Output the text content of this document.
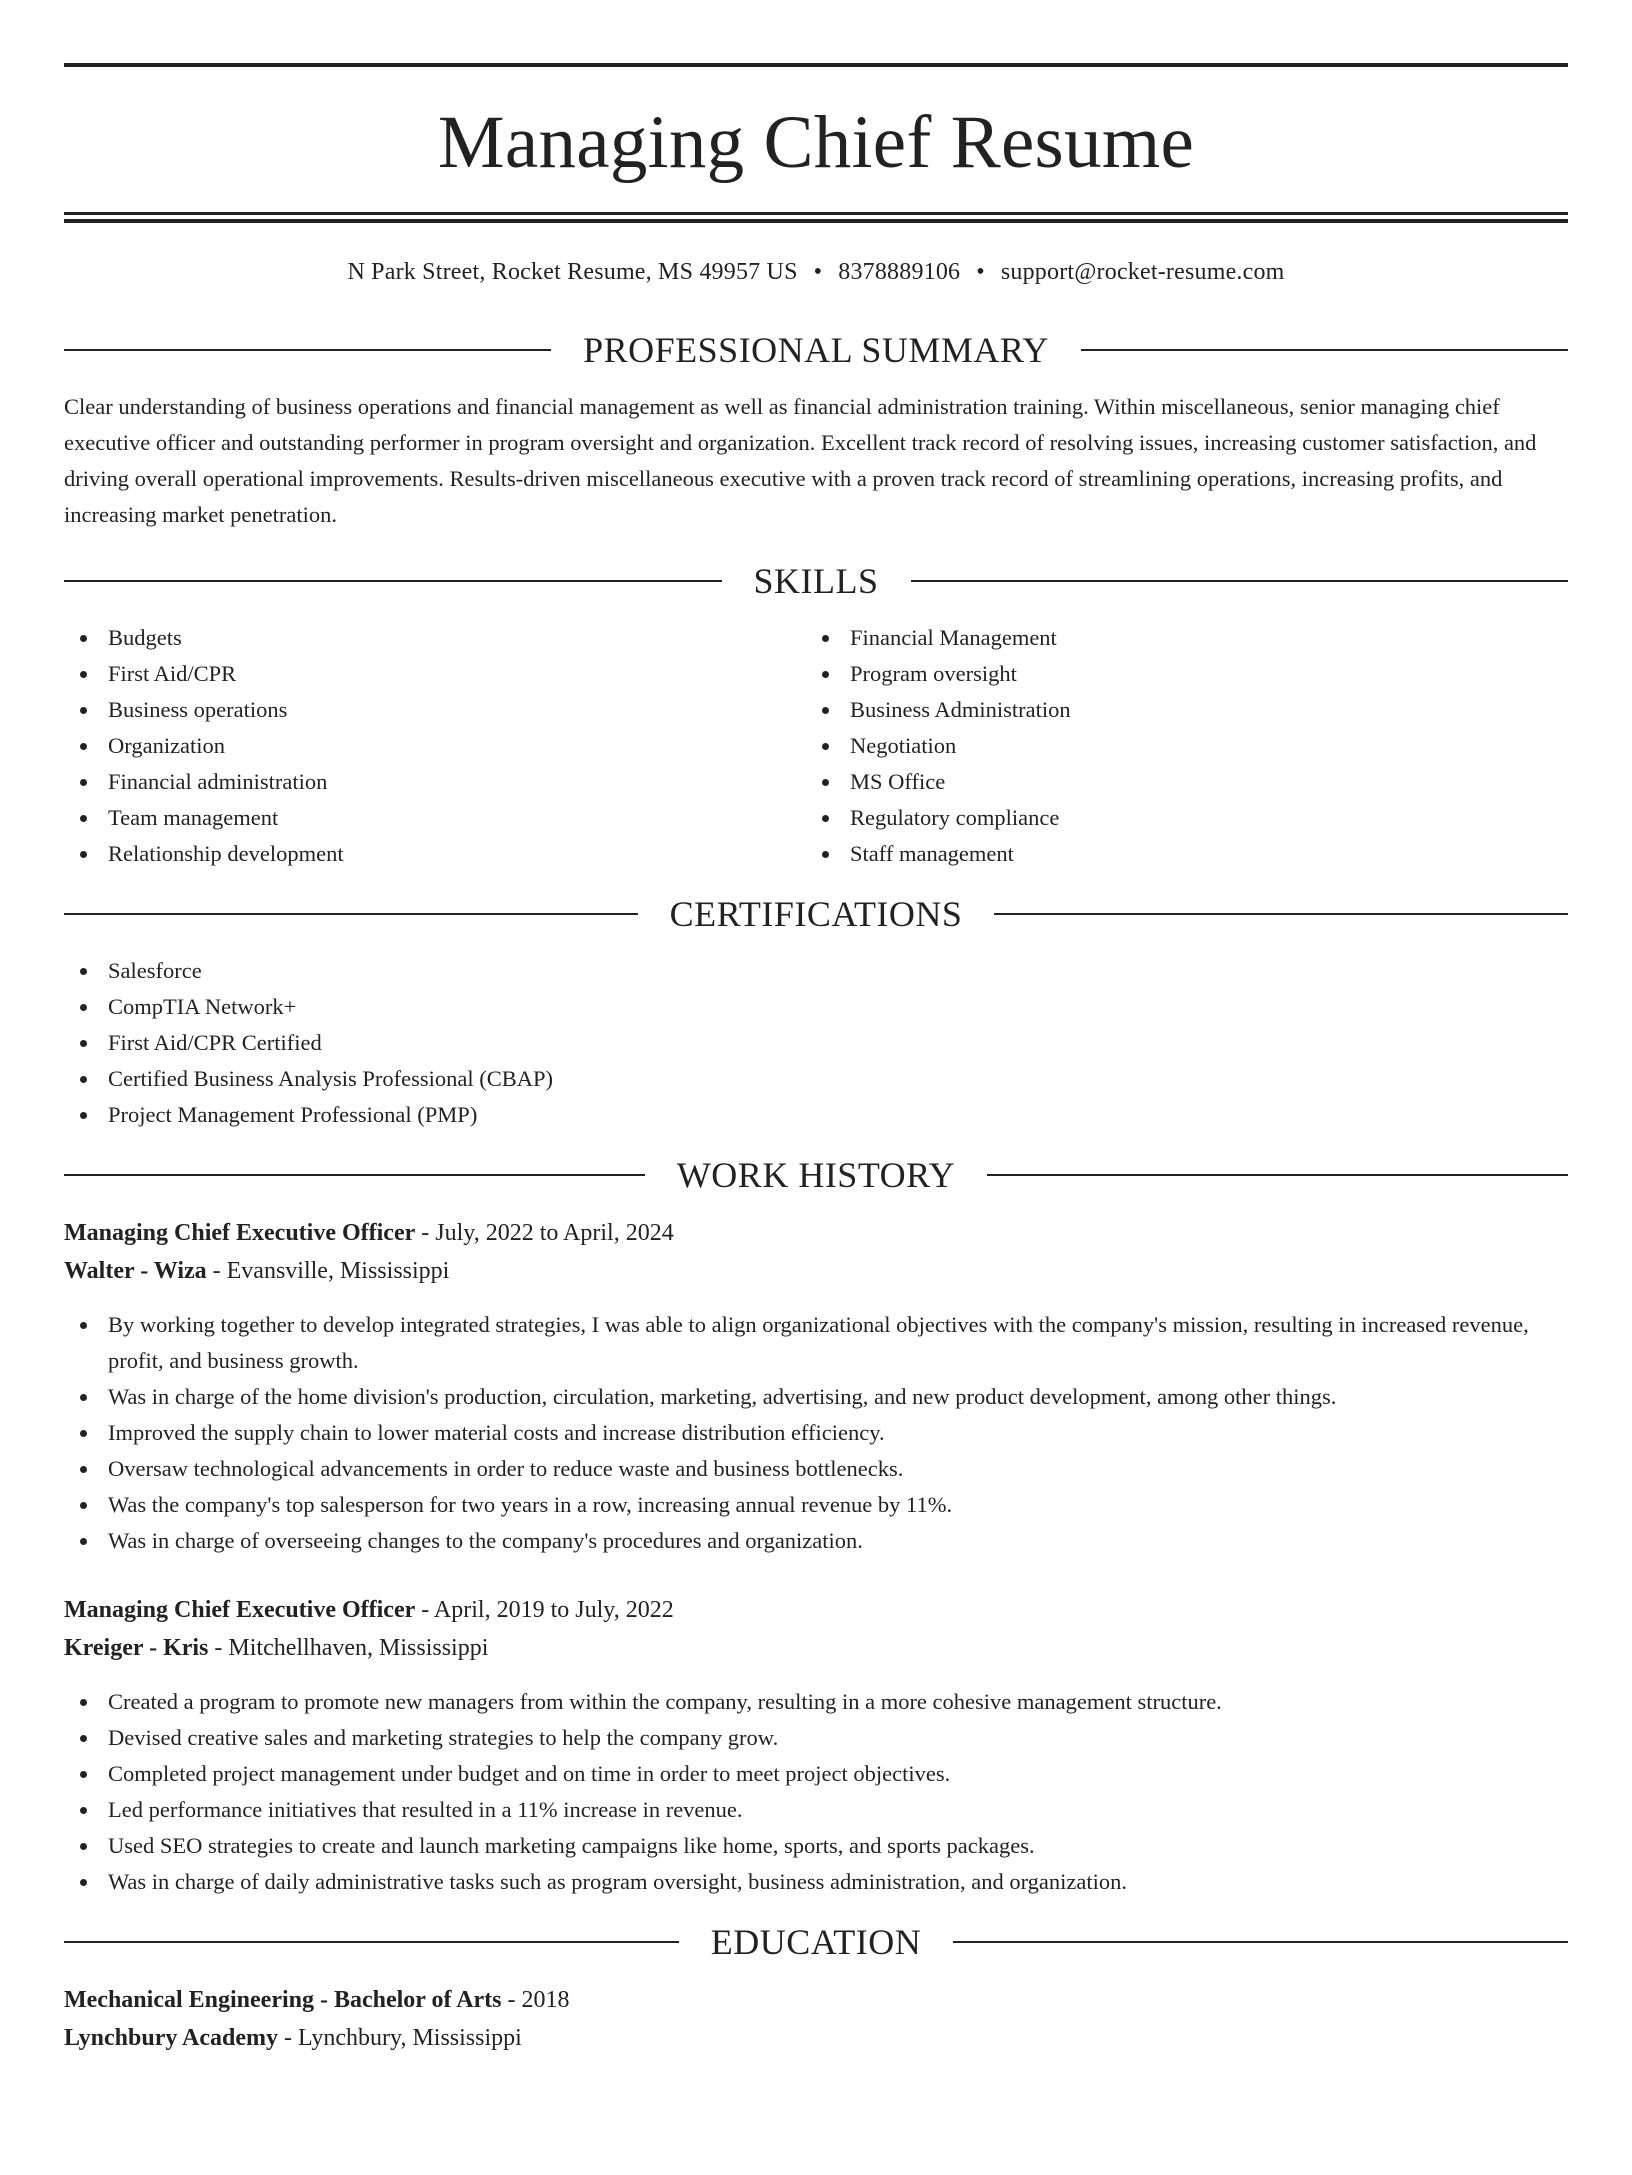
Managing Chief Resume
N Park Street, Rocket Resume, MS 49957 US • 8378889106 • support@rocket-resume.com
PROFESSIONAL SUMMARY

Clear understanding of business operations and financial management as well as financial administration training. Within miscellaneous, senior managing chief executive officer and outstanding performer in program oversight and organization. Excellent track record of resolving issues, increasing customer satisfaction, and driving overall operational improvements. Results-driven miscellaneous executive with a proven track record of streamlining operations, increasing profits, and increasing market penetration.

SKILLS
Budgets
First Aid/CPR
Business operations
Organization
Financial administration
Team management
Relationship development
Financial Management
Program oversight
Business Administration
Negotiation
MS Office
Regulatory compliance
Staff management
CERTIFICATIONS
Salesforce
CompTIA Network+
First Aid/CPR Certified
Certified Business Analysis Professional (CBAP)
Project Management Professional (PMP)
WORK HISTORY
Managing Chief Executive Officer - July, 2022 to April, 2024
Walter - Wiza - Evansville, Mississippi
By working together to develop integrated strategies, I was able to align organizational objectives with the company's mission, resulting in increased revenue, profit, and business growth.
Was in charge of the home division's production, circulation, marketing, advertising, and new product development, among other things.
Improved the supply chain to lower material costs and increase distribution efficiency.
Oversaw technological advancements in order to reduce waste and business bottlenecks.
Was the company's top salesperson for two years in a row, increasing annual revenue by 11%.
Was in charge of overseeing changes to the company's procedures and organization.
Managing Chief Executive Officer - April, 2019 to July, 2022
Kreiger - Kris - Mitchellhaven, Mississippi
Created a program to promote new managers from within the company, resulting in a more cohesive management structure.
Devised creative sales and marketing strategies to help the company grow.
Completed project management under budget and on time in order to meet project objectives.
Led performance initiatives that resulted in a 11% increase in revenue.
Used SEO strategies to create and launch marketing campaigns like home, sports, and sports packages.
Was in charge of daily administrative tasks such as program oversight, business administration, and organization.
EDUCATION
Mechanical Engineering - Bachelor of Arts - 2018
Lynchbury Academy - Lynchbury, Mississippi
